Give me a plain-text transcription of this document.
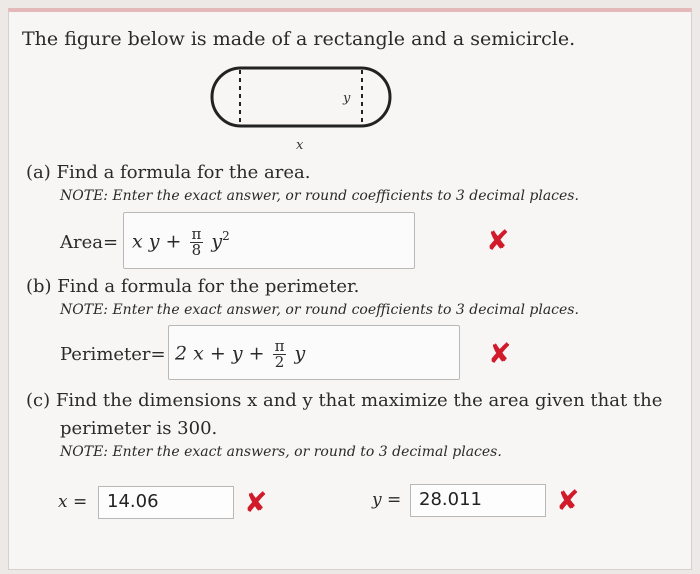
The figure below is made of a rectangle and a semicircle.
y
x
(a) Find a formula for the area.
NOTE: Enter the exact answer, or round coefficients to 3 decimal places.
Area= x $y + \frac{\pi}{8} y^2$	✘
(b) Find a formula for the perimeter.
NOTE: Enter the exact answer, or round coefficients to 3 decimal places.
Perimeter= 2 $x + y + \frac{\pi}{2}$ y	✘
(c) Find the dimensions x and y that maximize the area given that the
perimeter is 300.
NOTE: Enter the exact answers, or round to 3 decimal places.
x =	14.06	✘	y = 28.011	✘
